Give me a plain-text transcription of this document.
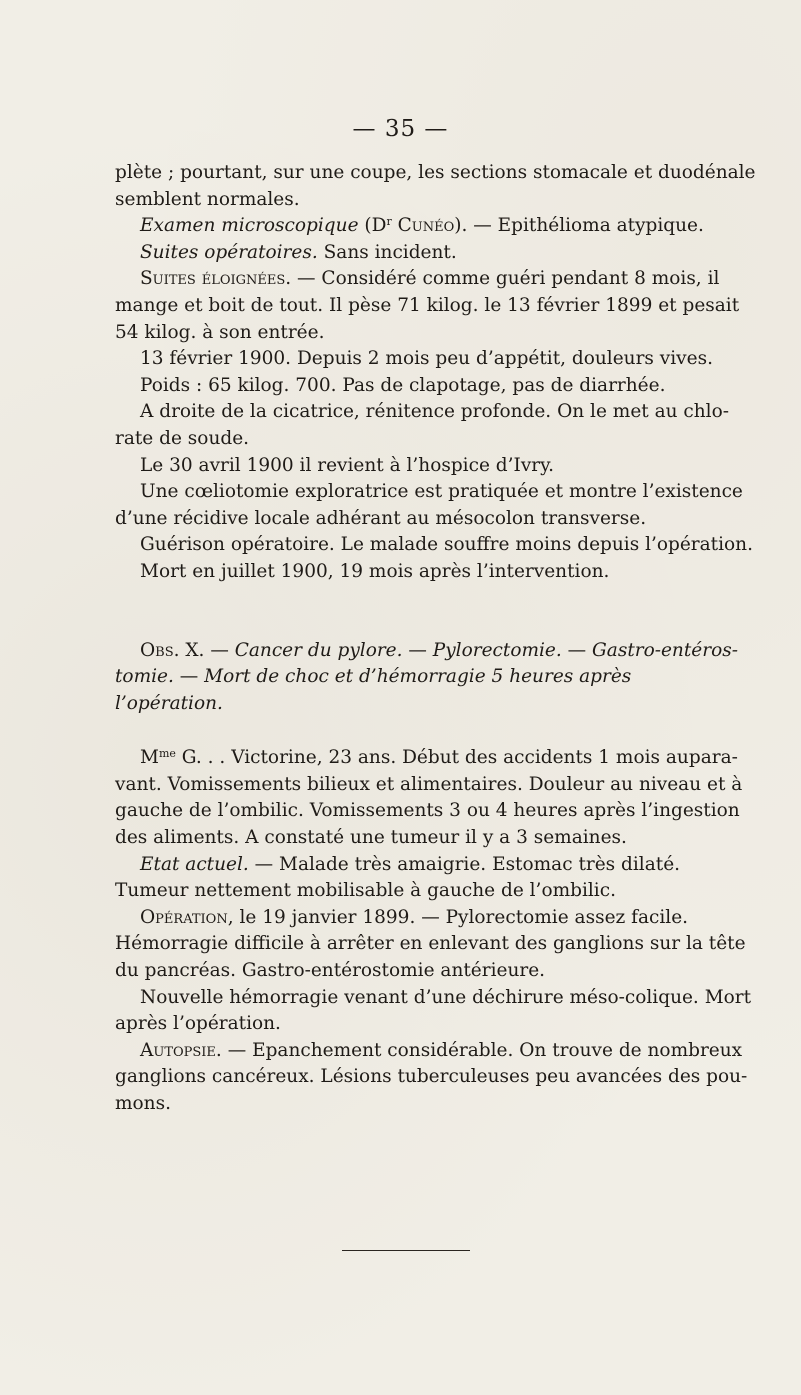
— 35 —

plète ; pourtant, sur une coupe, les sections stomacale et duodénale
semblent normales.

Examen microscopique ($D^r$ Cunéo). — Epithélioma atypique.

Suites opératoires. Sans incident.

Suites éloignées. — Considéré comme guéri pendant 8 mois, il
mange et boit de tout. Il pèse 71 kilog. le 13 février 1899 et pesait
54 kilog. à son entrée.

13 février 1900. Depuis 2 mois peu d’appétit, douleurs vives.

Poids : 65 kilog. 700. Pas de clapotage, pas de diarrhée.

A droite de la cicatrice, rénitence profonde. On le met au chlo-
rate de soude.

Le 30 avril 1900 il revient à l’hospice d’Ivry.

Une cœliotomie exploratrice est pratiquée et montre l’existence
d’une récidive locale adhérant au mésocolon transverse.

Guérison opératoire. Le malade souffre moins depuis l’opération.

Mort en juillet 1900, 19 mois après l’intervention.

Obs. X. — Cancer du pylore. — Pylorectomie. — Gastro-entéros-
tomie. — Mort de choc et d’hémorragie 5 heures après
l’opération.

$M^{me}$ G. . . Victorine, 23 ans. Début des accidents 1 mois aupara-
vant. Vomissements bilieux et alimentaires. Douleur au niveau et à
gauche de l’ombilic. Vomissements 3 ou 4 heures après l’ingestion
des aliments. A constaté une tumeur il y a 3 semaines.

Etat actuel. — Malade très amaigrie. Estomac très dilaté.
Tumeur nettement mobilisable à gauche de l’ombilic.

Opération, le 19 janvier 1899. — Pylorectomie assez facile.
Hémorragie difficile à arrêter en enlevant des ganglions sur la tête
du pancréas. Gastro-entérostomie antérieure.

Nouvelle hémorragie venant d’une déchirure méso-colique. Mort
après l’opération.

Autopsie. — Epanchement considérable. On trouve de nombreux
ganglions cancéreux. Lésions tuberculeuses peu avancées des pou-
mons.
